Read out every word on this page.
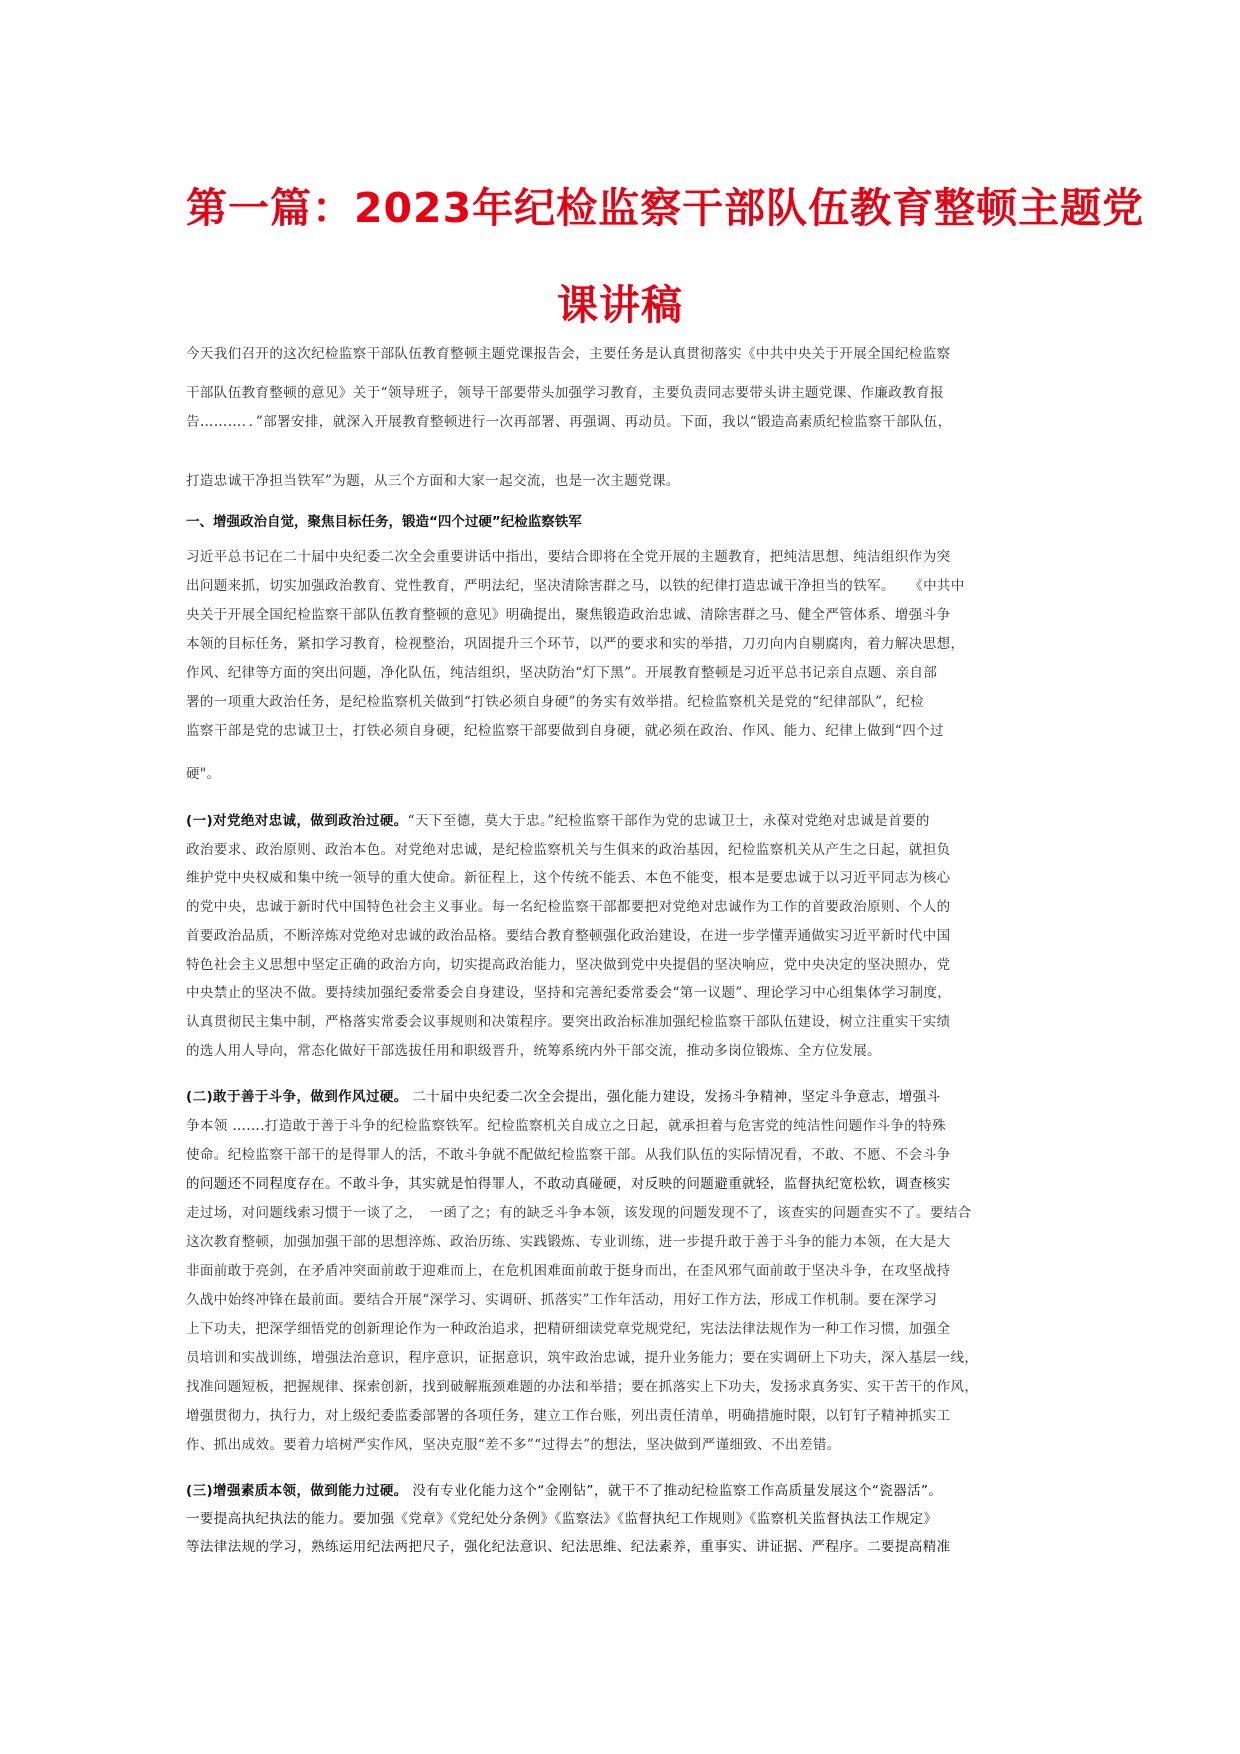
第一篇：2023年纪检监察干部队伍教育整顿主题党
课讲稿

今天我们召开的这次纪检监察干部队伍教育整顿主题党课报告会，主要任务是认真贯彻落实《中共中央关于开展全国纪检监察

干部队伍教育整顿的意见》关于“领导班子，领导干部要带头加强学习教育，主要负责同志要带头讲主题党课、作廉政教育报

告………．．”部署安排，就深入开展教育整顿进行一次再部署、再强调、再动员。下面，我以“锻造高素质纪检监察干部队伍，

打造忠诚干净担当铁军”为题，从三个方面和大家一起交流，也是一次主题党课。

一、增强政治自觉，聚焦目标任务，锻造“四个过硬”纪检监察铁军

习近平总书记在二十届中央纪委二次全会重要讲话中指出，要结合即将在全党开展的主题教育，把纯洁思想、纯洁组织作为突

出问题来抓，切实加强政治教育、党性教育，严明法纪，坚决清除害群之马，以铁的纪律打造忠诚干净担当的铁军。　　《中共中

央关于开展全国纪检监察干部队伍教育整顿的意见》明确提出，聚焦锻造政治忠诚、清除害群之马、健全严管体系、增强斗争

本领的目标任务，紧扣学习教育，检视整治，巩固提升三个环节，以严的要求和实的举措，刀刃向内自剔腐肉，着力解决思想，

作风、纪律等方面的突出问题，净化队伍，纯洁组织，坚决防治“灯下黑”。开展教育整顿是习近平总书记亲自点题、亲自部

署的一项重大政治任务，是纪检监察机关做到“打铁必须自身硬”的务实有效举措。纪检监察机关是党的“纪律部队”，纪检

监察干部是党的忠诚卫士，打铁必须自身硬，纪检监察干部要做到自身硬，就必须在政治、作风、能力、纪律上做到“四个过

硬"。

(一)对党绝对忠诚，做到政治过硬。“天下至德，莫大于忠。”纪检监察干部作为党的忠诚卫士，永葆对党绝对忠诚是首要的

政治要求、政治原则、政治本色。对党绝对忠诚，是纪检监察机关与生俱来的政治基因，纪检监察机关从产生之日起，就担负

维护党中央权威和集中统一领导的重大使命。新征程上，这个传统不能丢、本色不能变，根本是要忠诚于以习近平同志为核心

的党中央，忠诚于新时代中国特色社会主义事业。每一名纪检监察干部都要把对党绝对忠诚作为工作的首要政治原则、个人的

首要政治品质，不断淬炼对党绝对忠诚的政治品格。要结合教育整顿强化政治建设，在进一步学懂弄通做实习近平新时代中国

特色社会主义思想中坚定正确的政治方向，切实提高政治能力，坚决做到党中央提倡的坚决响应，党中央决定的坚决照办，党

中央禁止的坚决不做。要持续加强纪委常委会自身建设，坚持和完善纪委常委会“第一议题”、理论学习中心组集体学习制度，

认真贯彻民主集中制，严格落实常委会议事规则和决策程序。要突出政治标准加强纪检监察干部队伍建设，树立注重实干实绩

的选人用人导向，常态化做好干部选拔任用和职级晋升，统筹系统内外干部交流，推动多岗位锻炼、全方位发展。

(二)敢于善于斗争，做到作风过硬。 二十届中央纪委二次全会提出，强化能力建设，发扬斗争精神，坚定斗争意志，增强斗

争本领 …….打造敢于善于斗争的纪检监察铁军。纪检监察机关自成立之日起，就承担着与危害党的纯洁性问题作斗争的特殊

使命。纪检监察干部干的是得罪人的活，不敢斗争就不配做纪检监察干部。从我们队伍的实际情况看，不敢、不愿、不会斗争

的问题还不同程度存在。不敢斗争，其实就是怕得罪人，不敢动真碰硬，对反映的问题避重就轻，监督执纪宽松软，调查核实

走过场，对问题线索习惯于一谈了之，　一函了之；有的缺乏斗争本领，该发现的问题发现不了，该查实的问题查实不了。要结合

这次教育整顿，加强加强干部的思想淬炼、政治历练、实践锻炼、专业训练，进一步提升敢于善于斗争的能力本领，在大是大

非面前敢于亮剑，在矛盾冲突面前敢于迎难而上，在危机困难面前敢于挺身而出，在歪风邪气面前敢于坚决斗争，在攻坚战持

久战中始终冲锋在最前面。要结合开展“深学习、实调研、抓落实”工作年活动，用好工作方法，形成工作机制。要在深学习

上下功夫，把深学细悟党的创新理论作为一种政治追求，把精研细读党章党规党纪，宪法法律法规作为一种工作习惯，加强全

员培训和实战训练，增强法治意识，程序意识，证据意识，筑牢政治忠诚，提升业务能力；要在实调研上下功夫，深入基层一线，

找准问题短板，把握规律、探索创新，找到破解瓶颈难题的办法和举措；要在抓落实上下功夫，发扬求真务实、实干苦干的作风，

增强贯彻力，执行力，对上级纪委监委部署的各项任务，建立工作台账，列出责任清单，明确措施时限，以钉钉子精神抓实工

作、抓出成效。要着力培树严实作风，坚决克服“差不多”“过得去”的想法，坚决做到严谨细致、不出差错。

(三)增强素质本领，做到能力过硬。 没有专业化能力这个“金刚钻”，就干不了推动纪检监察工作高质量发展这个“瓷器活”。

一要提高执纪执法的能力。要加强《党章》《党纪处分条例》《监察法》《监督执纪工作规则》《监察机关监督执法工作规定》

等法律法规的学习，熟练运用纪法两把尺子，强化纪法意识、纪法思维、纪法素养，重事实、讲证据、严程序。二要提高精准
